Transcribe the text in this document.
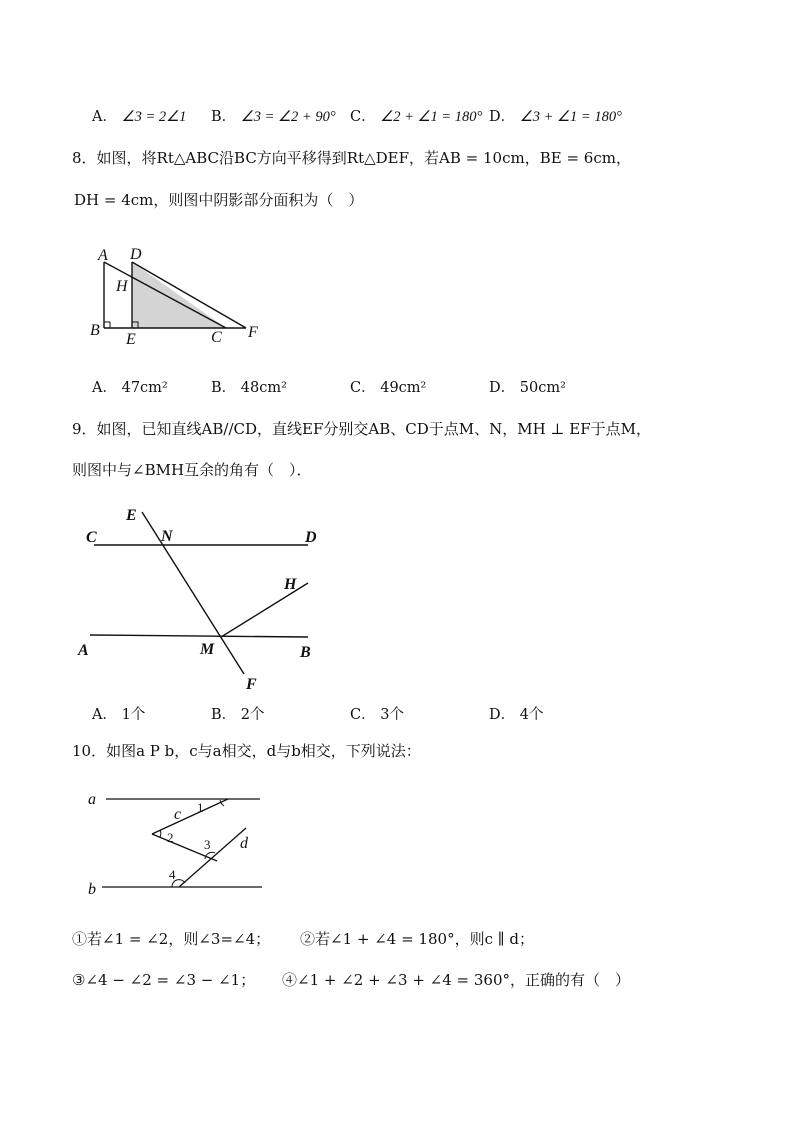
A． ∠3 = 2∠1 B． ∠3 = ∠2 + 90° C． ∠2 + ∠1 = 180° D． ∠3 + ∠1 = 180°
8．如图，将Rt△ABC沿BC方向平移得到Rt△DEF，若AB = 10cm，BE = 6cm，
DH = 4cm，则图中阴影部分面积为（　）
A D
H
B
E	C F
A． 47cm²	B． 48cm²	C． 49cm²	D． 50cm²
9．如图，已知直线AB//CD，直线EF分别交AB、CD于点M、N，MH ⊥ EF于点M，
则图中与∠BMH互余的角有（　）．
E
N
C	D
H
A	M	B
F
A． 1个	B． 2个	C． 3个	D． 4个
10．如图a P b，c与a相交，d与b相交，下列说法：
a
b
c
d
1
2 3
4
①若∠1 = ∠2，则∠3=∠4； ②若∠1 + ∠4 = 180°，则c ∥ d；
③∠4 − ∠2 = ∠3 − ∠1； ④∠1 + ∠2 + ∠3 + ∠4 = 360°，正确的有（　）
